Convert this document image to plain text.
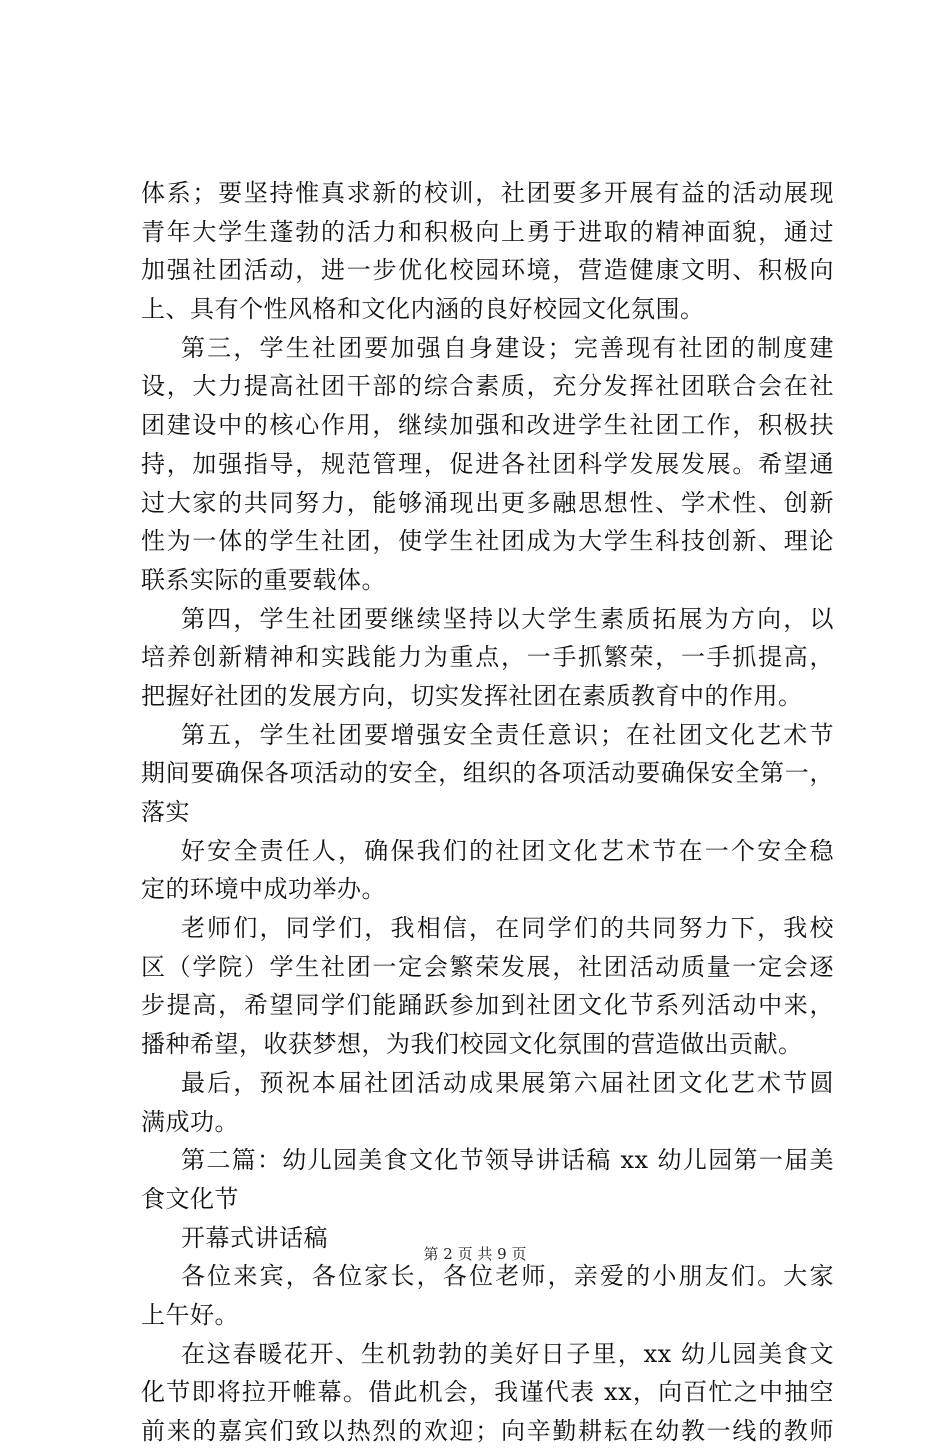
体系；要坚持惟真求新的校训，社团要多开展有益的活动展现
青年大学生蓬勃的活力和积极向上勇于进取的精神面貌，通过
加强社团活动，进一步优化校园环境，营造健康文明、积极向
上、具有个性风格和文化内涵的良好校园文化氛围。
第三，学生社团要加强自身建设；完善现有社团的制度建
设，大力提高社团干部的综合素质，充分发挥社团联合会在社
团建设中的核心作用，继续加强和改进学生社团工作，积极扶
持，加强指导，规范管理，促进各社团科学发展发展。希望通
过大家的共同努力，能够涌现出更多融思想性、学术性、创新
性为一体的学生社团，使学生社团成为大学生科技创新、理论
联系实际的重要载体。
第四，学生社团要继续坚持以大学生素质拓展为方向，以
培养创新精神和实践能力为重点，一手抓繁荣，一手抓提高，
把握好社团的发展方向，切实发挥社团在素质教育中的作用。
第五，学生社团要增强安全责任意识；在社团文化艺术节
期间要确保各项活动的安全，组织的各项活动要确保安全第一，
落实
好安全责任人，确保我们的社团文化艺术节在一个安全稳
定的环境中成功举办。
老师们，同学们，我相信，在同学们的共同努力下，我校
区（学院）学生社团一定会繁荣发展，社团活动质量一定会逐
步提高，希望同学们能踊跃参加到社团文化节系列活动中来，
播种希望，收获梦想，为我们校园文化氛围的营造做出贡献。
最后，预祝本届社团活动成果展第六届社团文化艺术节圆
满成功。
第二篇：幼儿园美食文化节领导讲话稿 xx 幼儿园第一届美
食文化节
开幕式讲话稿
各位来宾，各位家长，各位老师，亲爱的小朋友们。大家
上午好。
在这春暖花开、生机勃勃的美好日子里，xx 幼儿园美食文
化节即将拉开帷幕。借此机会，我谨代表 xx，向百忙之中抽空
前来的嘉宾们致以热烈的欢迎；向辛勤耕耘在幼教一线的教师
第 2 页 共 9 页
